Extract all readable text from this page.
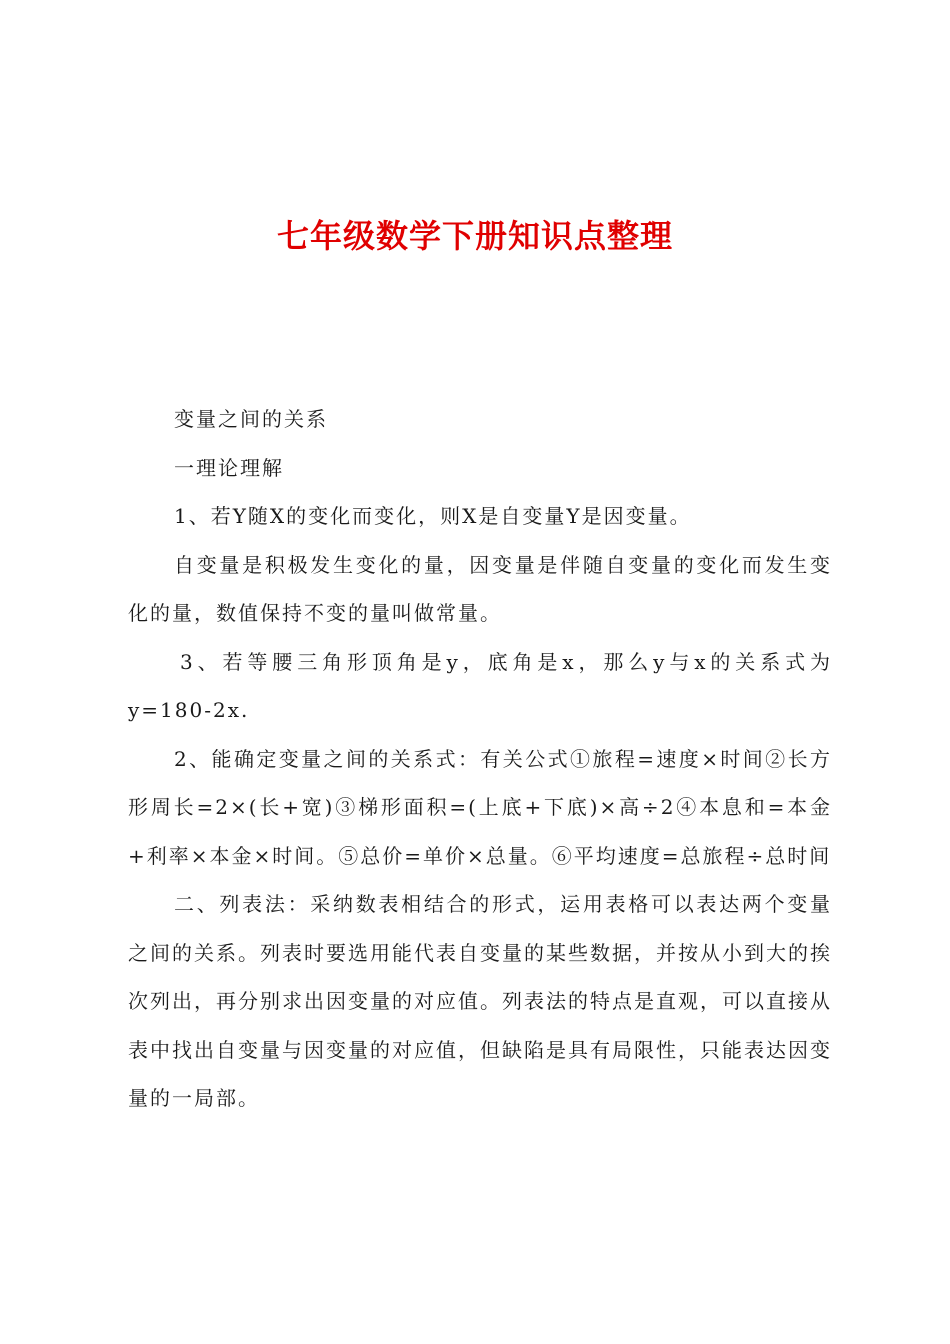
七年级数学下册知识点整理

变量之间的关系

一理论理解

1、若Y随X的变化而变化，则X是自变量Y是因变量。

自变量是积极发生变化的量，因变量是伴随自变量的变化而发生变化的量，数值保持不变的量叫做常量。

3、若等腰三角形顶角是y，底角是x，那么y与x的关系式为y=180-2x.

2、能确定变量之间的关系式：有关公式①旅程=速度×时间②长方形周长=2×(长+宽)③梯形面积=(上底+下底)×高÷2④本息和=本金+利率×本金×时间。⑤总价=单价×总量。⑥平均速度=总旅程÷总时间

二、列表法：采纳数表相结合的形式，运用表格可以表达两个变量之间的关系。列表时要选用能代表自变量的某些数据，并按从小到大的挨次列出，再分别求出因变量的对应值。列表法的特点是直观，可以直接从表中找出自变量与因变量的对应值，但缺陷是具有局限性，只能表达因变量的一局部。
